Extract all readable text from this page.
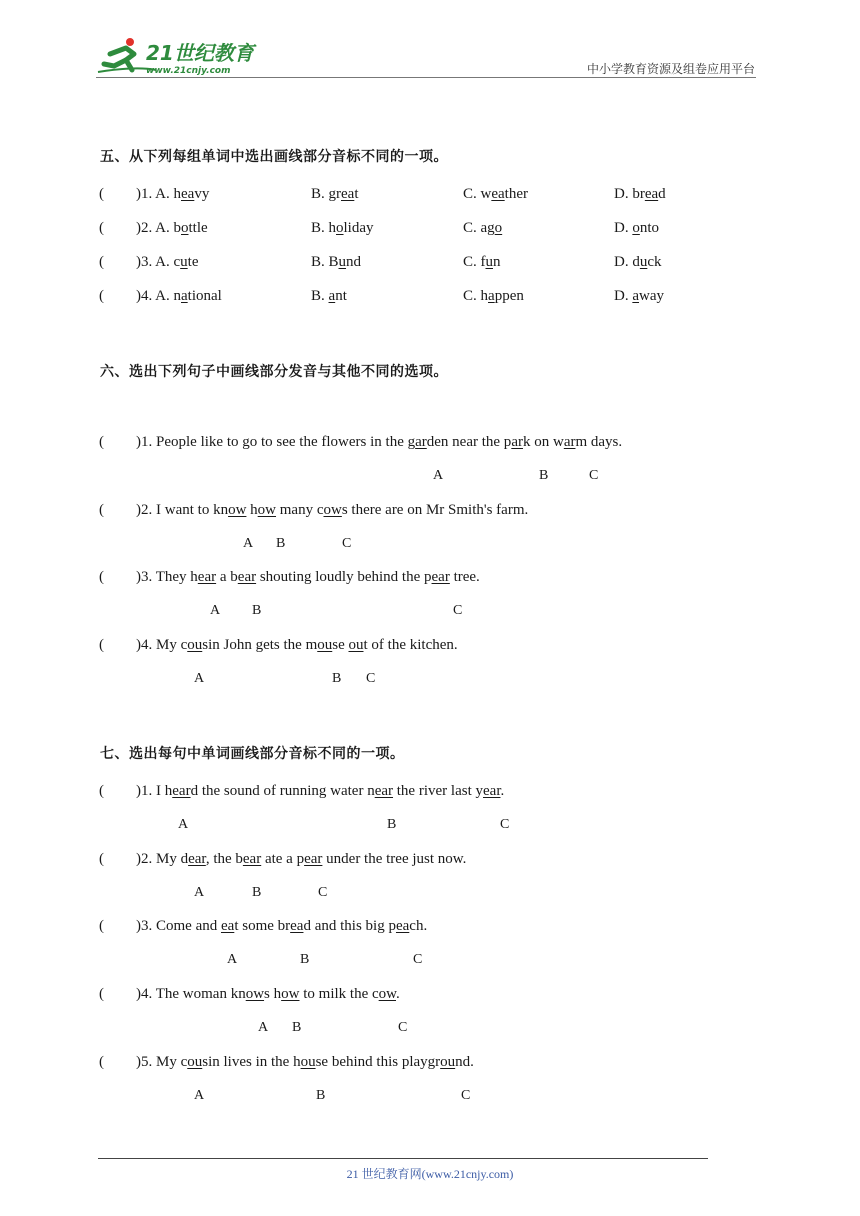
21世纪教育
www.21cnjy.com	中小学教育资源及组卷应用平台
五、从下列每组单词中选出画线部分音标不同的一项。
( )1. A. heavy	B. great	C. weather	D. bread
( )2. A. bottle	B. holiday	C. ago	D. onto
( )3. A. cute	B. Bund	C. fun	D. duck
( )4. A. national	B. ant	C. happen	D. away
六、选出下列句子中画线部分发音与其他不同的选项。
( )1. People like to go to see the flowers in the garden near the park on warm days.
A	B	C
( )2. I want to know how many cows there are on Mr Smith's farm.
A B	C
( )3. They hear a bear shouting loudly behind the pear tree.
A B	C
( )4. My cousin John gets the mouse out of the kitchen.
A	B C
七、选出每句中单词画线部分音标不同的一项。
( )1. I heard the sound of running water near the river last year.
A	B	C
( )2. My dear, the bear ate a pear under the tree just now.
A	B	C
( )3. Come and eat some bread and this big peach.
A	B	C
( )4. The woman knows how to milk the cow.
A B	C
( )5. My cousin lives in the house behind this playground.
A	B	C
21 世纪教育网(www.21cnjy.com)
